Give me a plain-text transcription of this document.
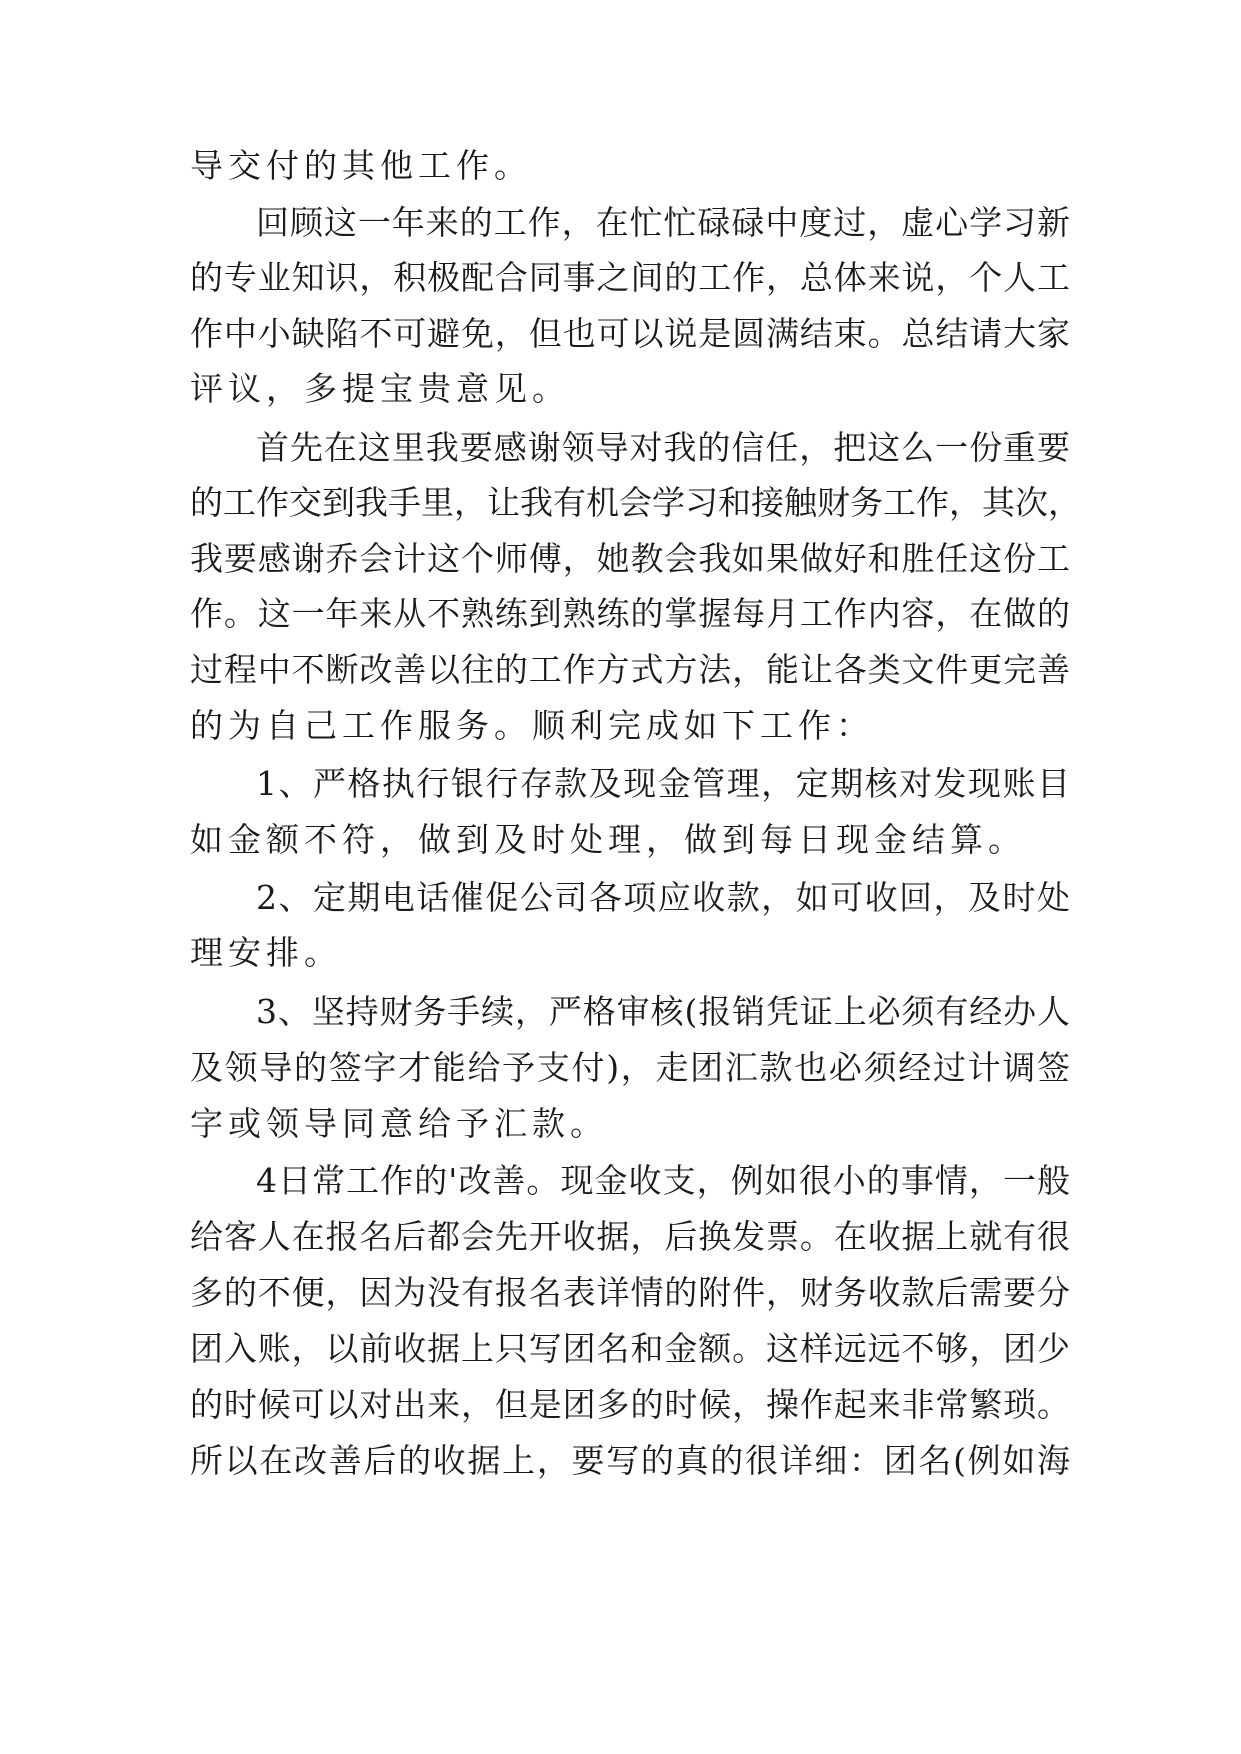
导交付的其他工作。
回顾这一年来的工作，在忙忙碌碌中度过，虚心学习新
的专业知识，积极配合同事之间的工作，总体来说，个人工
作中小缺陷不可避免，但也可以说是圆满结束。总结请大家
评议，多提宝贵意见。
首先在这里我要感谢领导对我的信任，把这么一份重要
的工作交到我手里，让我有机会学习和接触财务工作，其次，
我要感谢乔会计这个师傅，她教会我如果做好和胜任这份工
作。这一年来从不熟练到熟练的掌握每月工作内容，在做的
过程中不断改善以往的工作方式方法，能让各类文件更完善
的为自己工作服务。顺利完成如下工作：
1、严格执行银行存款及现金管理，定期核对发现账目
如金额不符，做到及时处理，做到每日现金结算。
2、定期电话催促公司各项应收款，如可收回，及时处
理安排。
3、坚持财务手续，严格审核(报销凭证上必须有经办人
及领导的签字才能给予支付)，走团汇款也必须经过计调签
字或领导同意给予汇款。
4日常工作的'改善。现金收支，例如很小的事情，一般
给客人在报名后都会先开收据，后换发票。在收据上就有很
多的不便，因为没有报名表详情的附件，财务收款后需要分
团入账，以前收据上只写团名和金额。这样远远不够，团少
的时候可以对出来，但是团多的时候，操作起来非常繁琐。
所以在改善后的收据上，要写的真的很详细：团名(例如海
